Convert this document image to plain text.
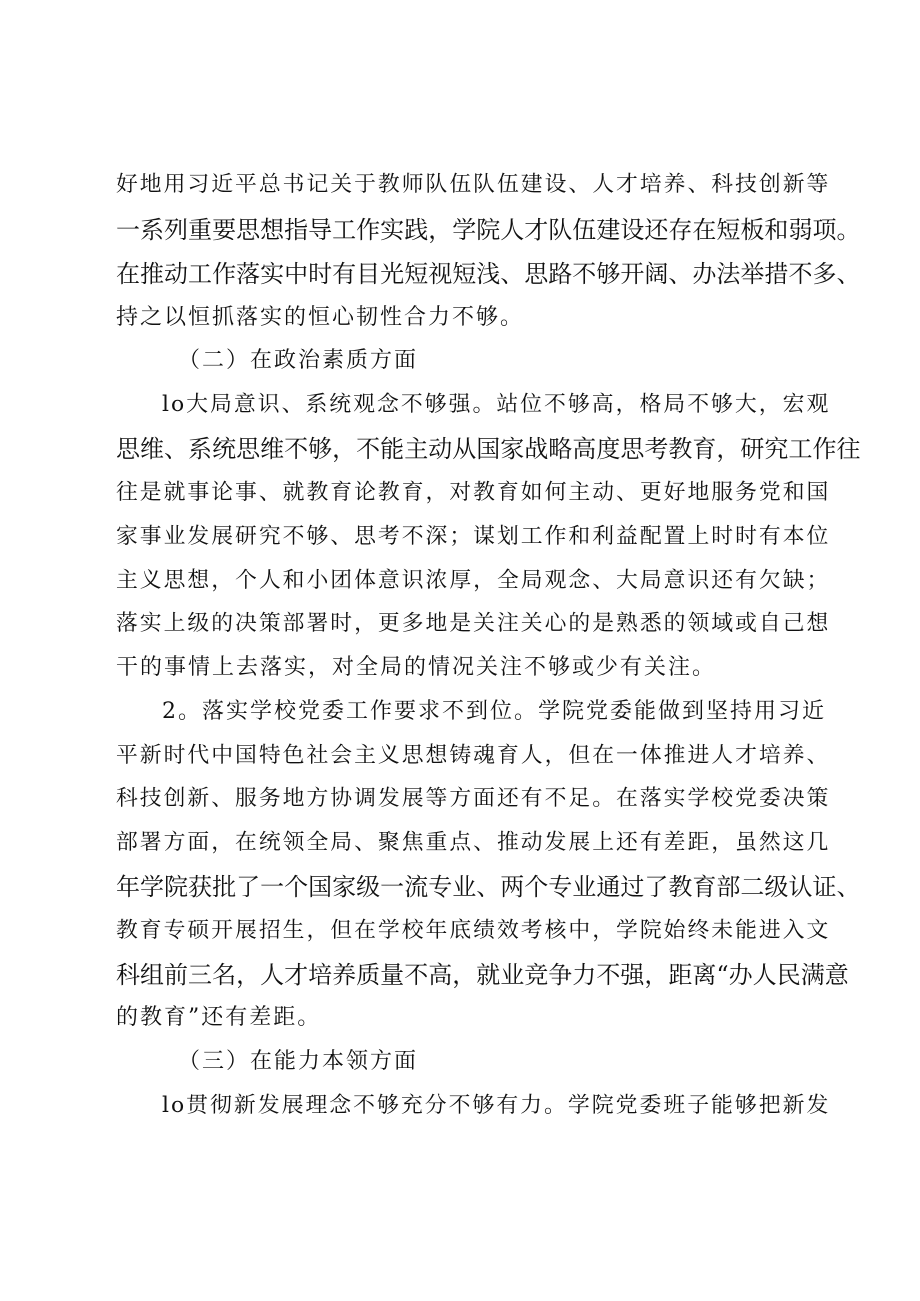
好地用习近平总书记关于教师队伍队伍建设、人才培养、科技创新等
一系列重要思想指导工作实践，学院人才队伍建设还存在短板和弱项。
在推动工作落实中时有目光短视短浅、思路不够开阔、办法举措不多、
持之以恒抓落实的恒心韧性合力不够。
（二）在政治素质方面
lo大局意识、系统观念不够强。站位不够高，格局不够大，宏观
思维、系统思维不够，不能主动从国家战略高度思考教育，研究工作往
往是就事论事、就教育论教育，对教育如何主动、更好地服务党和国
家事业发展研究不够、思考不深；谋划工作和利益配置上时时有本位
主义思想，个人和小团体意识浓厚，全局观念、大局意识还有欠缺；
落实上级的决策部署时，更多地是关注关心的是熟悉的领域或自己想
干的事情上去落实，对全局的情况关注不够或少有关注。
2。落实学校党委工作要求不到位。学院党委能做到坚持用习近
平新时代中国特色社会主义思想铸魂育人，但在一体推进人才培养、
科技创新、服务地方协调发展等方面还有不足。在落实学校党委决策
部署方面，在统领全局、聚焦重点、推动发展上还有差距，虽然这几
年学院获批了一个国家级一流专业、两个专业通过了教育部二级认证、
教育专硕开展招生，但在学校年底绩效考核中，学院始终未能进入文
科组前三名，人才培养质量不高，就业竞争力不强，距离“办人民满意
的教育”还有差距。
（三）在能力本领方面
lo贯彻新发展理念不够充分不够有力。学院党委班子能够把新发
